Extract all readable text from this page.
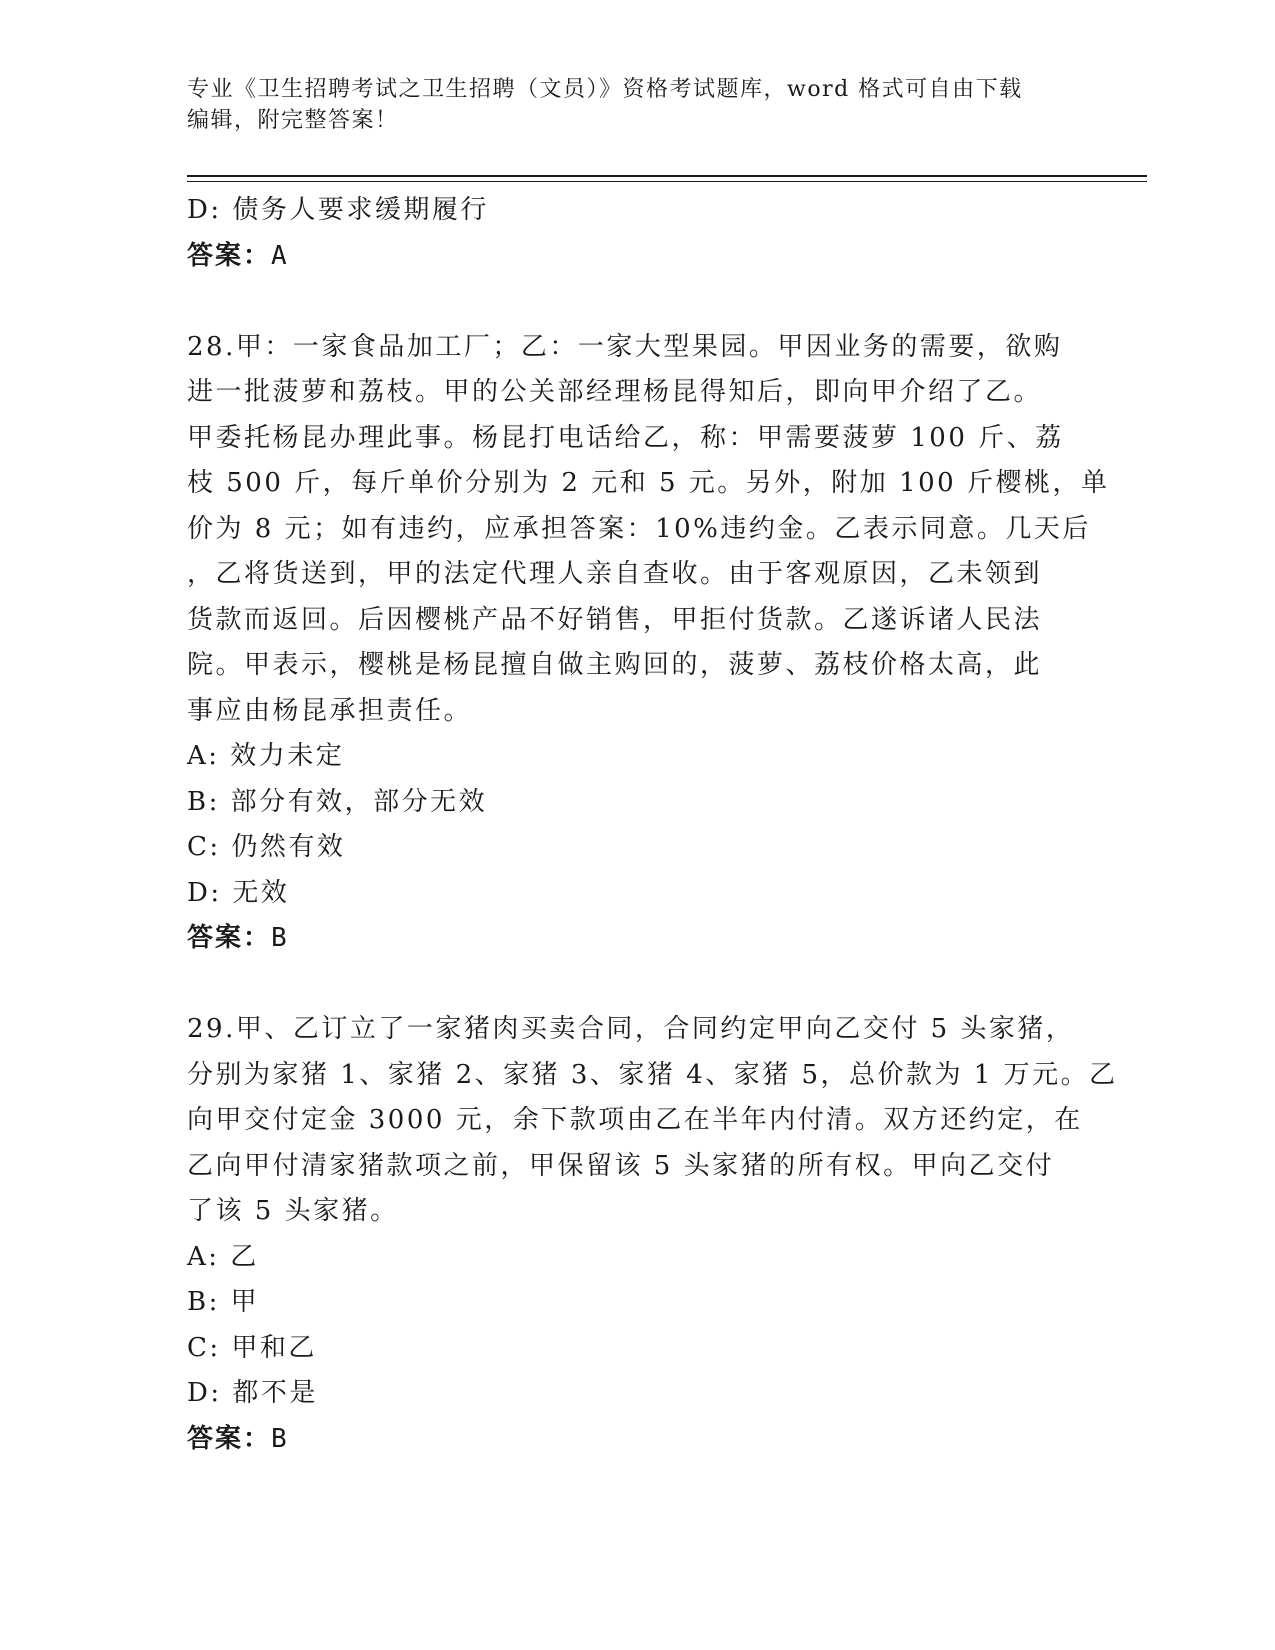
专业《卫生招聘考试之卫生招聘（文员）》资格考试题库，word 格式可自由下载
编辑，附完整答案！
D: 债务人要求缓期履行
答案：A
28.甲：一家食品加工厂；乙：一家大型果园。甲因业务的需要，欲购
进一批菠萝和荔枝。甲的公关部经理杨昆得知后，即向甲介绍了乙。
甲委托杨昆办理此事。杨昆打电话给乙，称：甲需要菠萝 100 斤、荔
枝 500 斤，每斤单价分别为 2 元和 5 元。另外，附加 100 斤樱桃，单
价为 8 元；如有违约，应承担答案：10%违约金。乙表示同意。几天后
，乙将货送到，甲的法定代理人亲自查收。由于客观原因，乙未领到
货款而返回。后因樱桃产品不好销售，甲拒付货款。乙遂诉诸人民法
院。甲表示，樱桃是杨昆擅自做主购回的，菠萝、荔枝价格太高，此
事应由杨昆承担责任。
A: 效力未定
B: 部分有效，部分无效
C: 仍然有效
D: 无效
答案：B
29.甲、乙订立了一家猪肉买卖合同，合同约定甲向乙交付 5 头家猪，
分别为家猪 1、家猪 2、家猪 3、家猪 4、家猪 5，总价款为 1 万元。乙
向甲交付定金 3000 元，余下款项由乙在半年内付清。双方还约定，在
乙向甲付清家猪款项之前，甲保留该 5 头家猪的所有权。甲向乙交付
了该 5 头家猪。
A: 乙
B: 甲
C: 甲和乙
D: 都不是
答案：B
